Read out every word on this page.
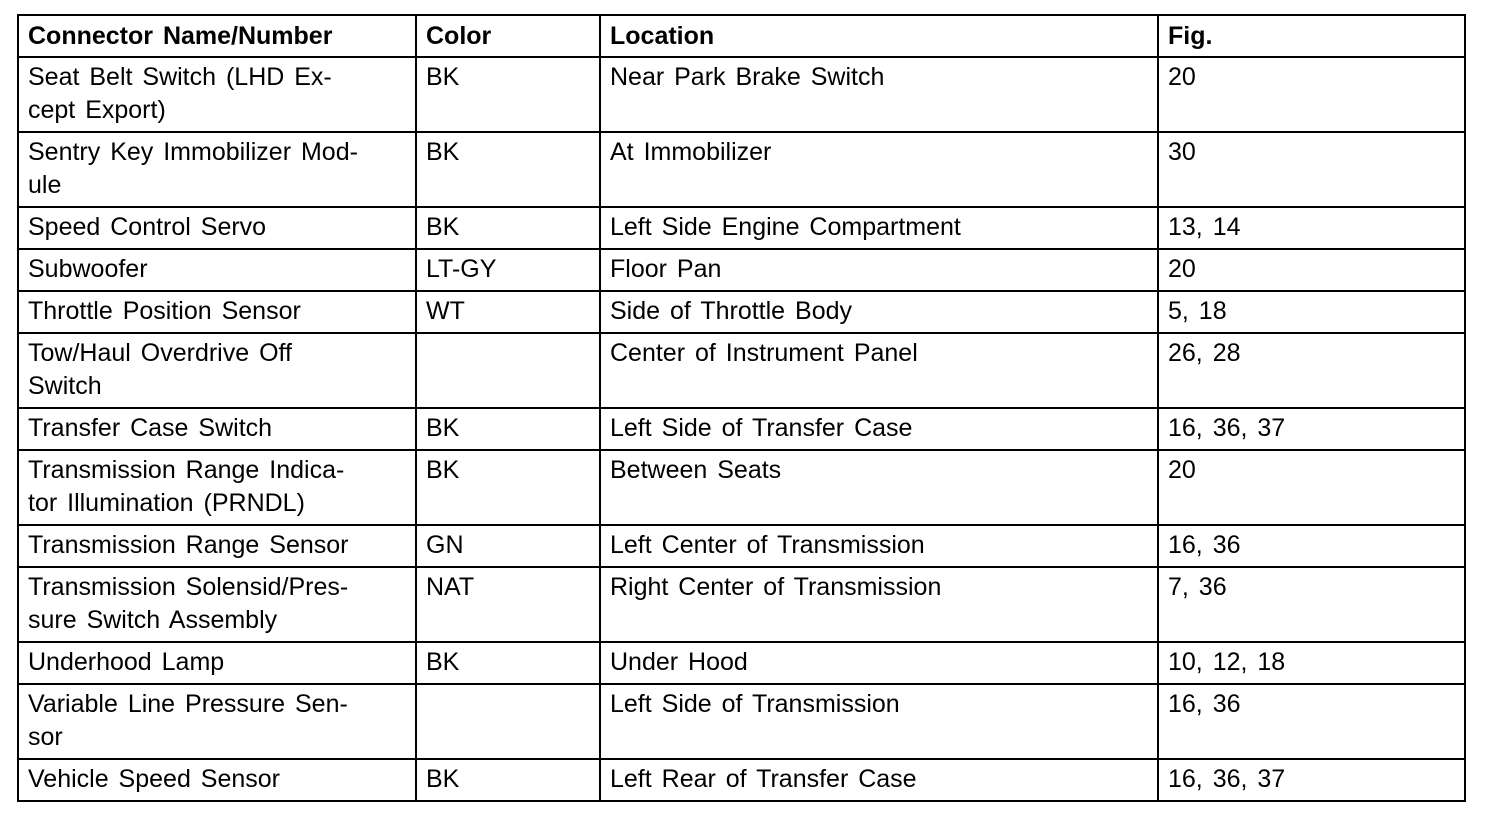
Connector Name/Number	Color	Location	Fig.
Seat Belt Switch (LHD Ex-
cept Export)	BK	Near Park Brake Switch	20
Sentry Key Immobilizer Mod-
ule	BK	At Immobilizer	30
Speed Control Servo	BK	Left Side Engine Compartment	13, 14
Subwoofer	LT-GY	Floor Pan	20
Throttle Position Sensor	WT	Side of Throttle Body	5, 18
Tow/Haul Overdrive Off
Switch		Center of Instrument Panel	26, 28
Transfer Case Switch	BK	Left Side of Transfer Case	16, 36, 37
Transmission Range Indica-
tor Illumination (PRNDL)	BK	Between Seats	20
Transmission Range Sensor	GN	Left Center of Transmission	16, 36
Transmission Solensid/Pres-
sure Switch Assembly	NAT	Right Center of Transmission	7, 36
Underhood Lamp	BK	Under Hood	10, 12, 18
Variable Line Pressure Sen-
sor		Left Side of Transmission	16, 36
Vehicle Speed Sensor	BK	Left Rear of Transfer Case	16, 36, 37
